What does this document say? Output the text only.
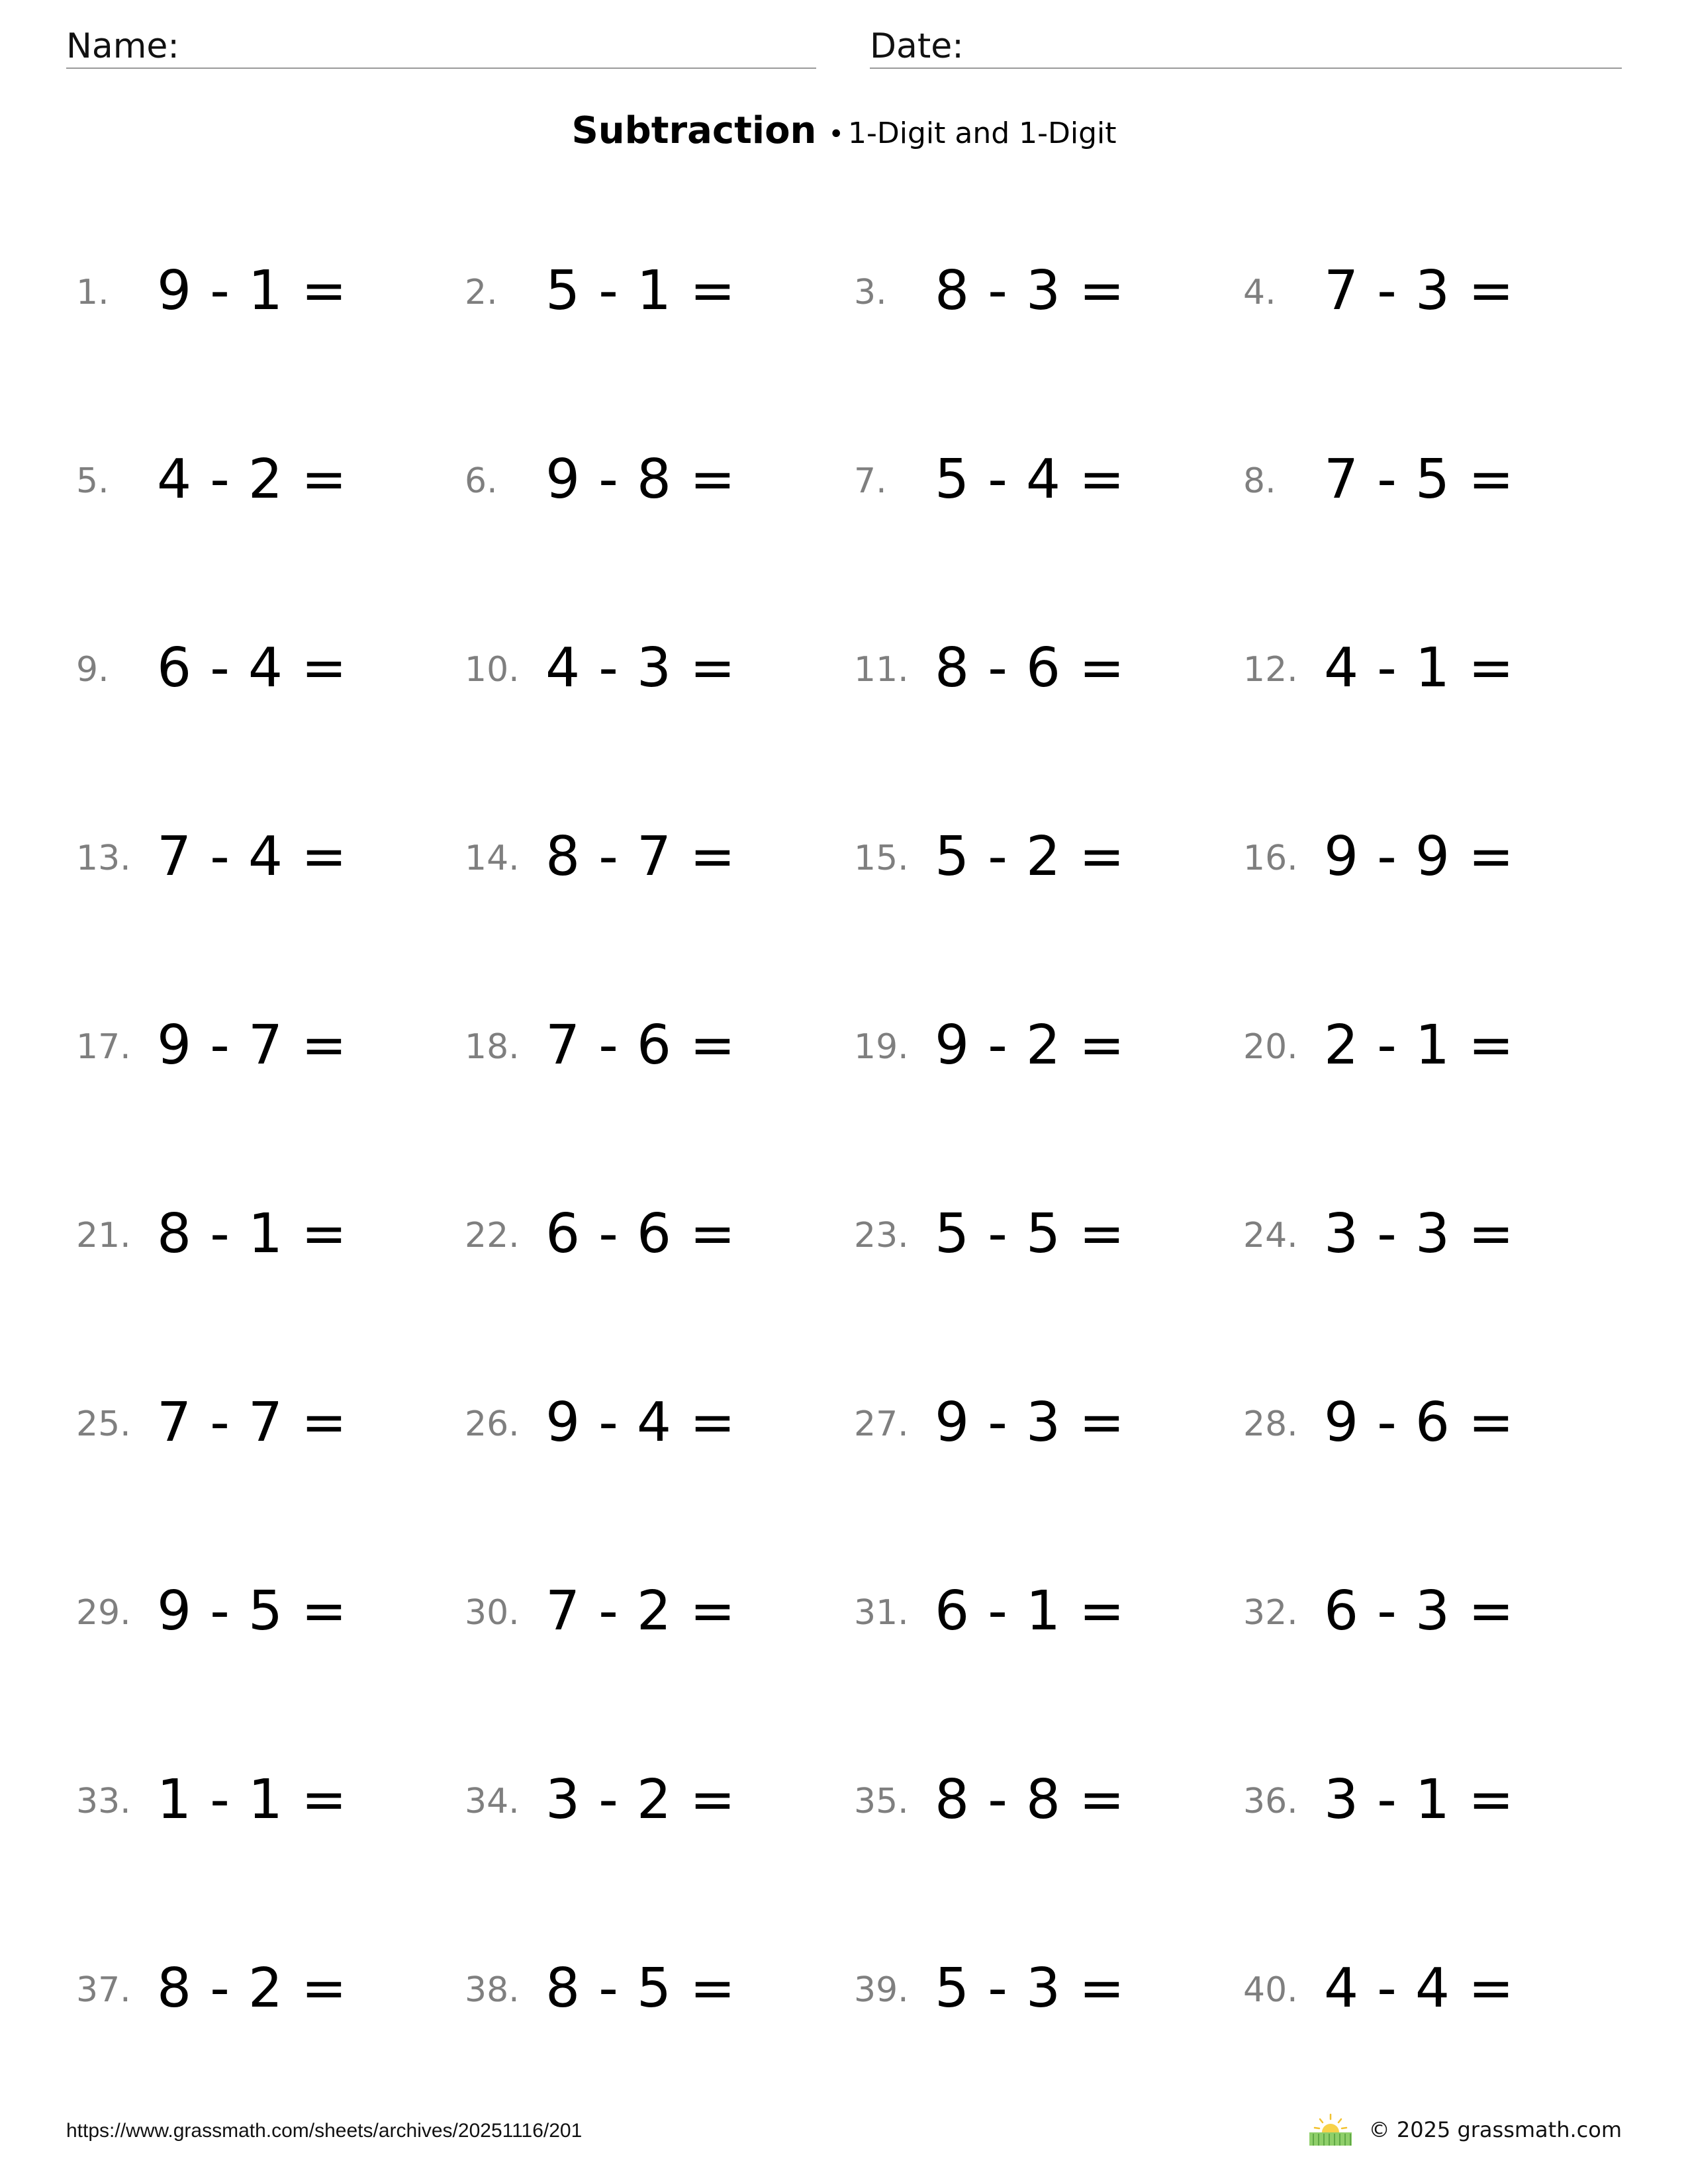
Name:	Date:
Subtraction • 1-Digit and 1-Digit
1. 9 - 1 =	2. 5 - 1 =	3. 8 - 3 =	4. 7 - 3 =
5. 4 - 2 =	6. 9 - 8 =	7. 5 - 4 =	8. 7 - 5 =
9. 6 - 4 =	10. 4 - 3 =	11. 8 - 6 =	12. 4 - 1 =
13. 7 - 4 =	14. 8 - 7 =	15. 5 - 2 =	16. 9 - 9 =
17. 9 - 7 =	18. 7 - 6 =	19. 9 - 2 =	20. 2 - 1 =
21. 8 - 1 =	22. 6 - 6 =	23. 5 - 5 =	24. 3 - 3 =
25. 7 - 7 =	26. 9 - 4 =	27. 9 - 3 =	28. 9 - 6 =
29. 9 - 5 =	30. 7 - 2 =	31. 6 - 1 =	32. 6 - 3 =
33. 1 - 1 =	34. 3 - 2 =	35. 8 - 8 =	36. 3 - 1 =
37. 8 - 2 =	38. 8 - 5 =	39. 5 - 3 =	40. 4 - 4 =
https://www.grassmath.com/sheets/archives/20251116/201	© 2025 grassmath.com
